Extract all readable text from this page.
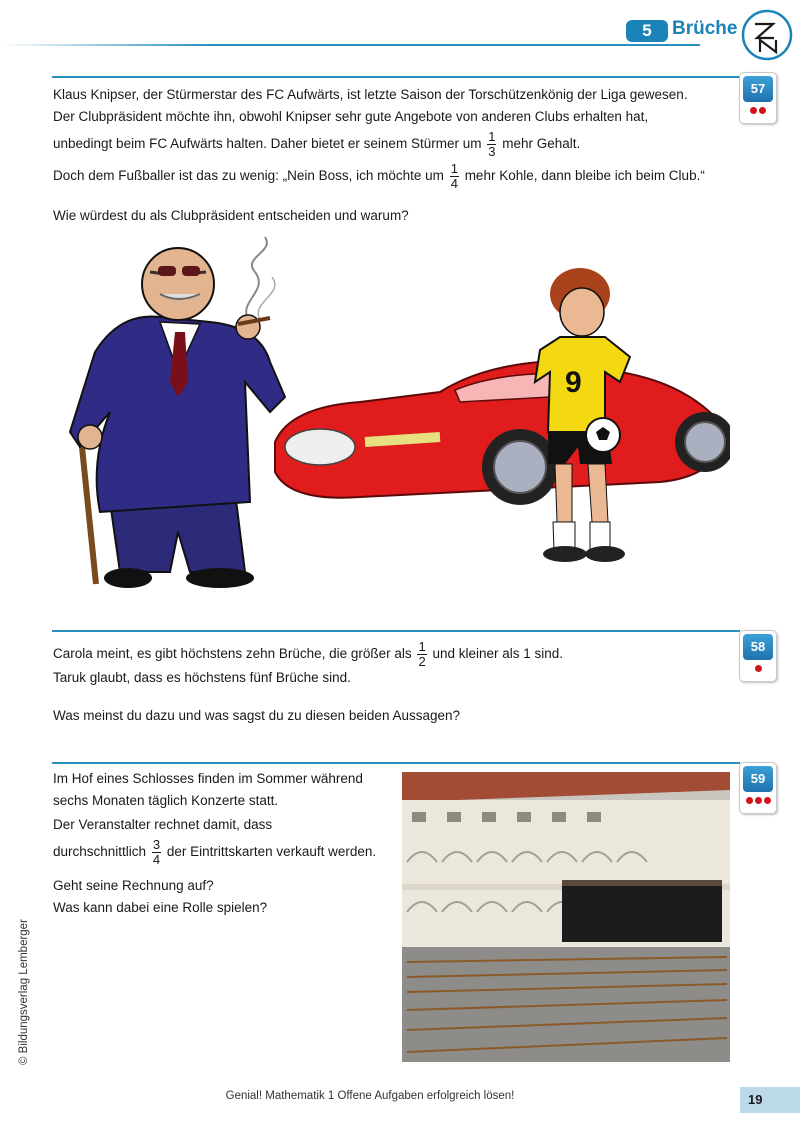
5	Brüche
57
Klaus Knipser, der Stürmerstar des FC Aufwärts, ist letzte Saison der Torschützenkönig der Liga gewesen.
Der Clubpräsident möchte ihn, obwohl Knipser sehr gute Angebote von anderen Clubs erhalten hat,
unbedingt beim FC Aufwärts halten. Daher bietet er seinem Stürmer um $\frac{1}{3}$ mehr Gehalt.
Doch dem Fußballer ist das zu wenig: „Nein Boss, ich möchte um $\frac{1}{4}$ mehr Kohle, dann bleibe ich beim Club.“
Wie würdest du als Clubpräsident entscheiden und warum?
9
58
Carola meint, es gibt höchstens zehn Brüche, die größer als $\frac{1}{2}$ und kleiner als 1 sind.
Taruk glaubt, dass es höchstens fünf Brüche sind.
Was meinst du dazu und was sagst du zu diesen beiden Aussagen?
59
Im Hof eines Schlosses finden im Sommer während
sechs Monaten täglich Konzerte statt.
Der Veranstalter rechnet damit, dass
durchschnittlich $\frac{3}{4}$ der Eintrittskarten verkauft werden.
Geht seine Rechnung auf?
Was kann dabei eine Rolle spielen?
© Bildungsverlag Lemberger
Genial! Mathematik 1 Offene Aufgaben erfolgreich lösen!	19
